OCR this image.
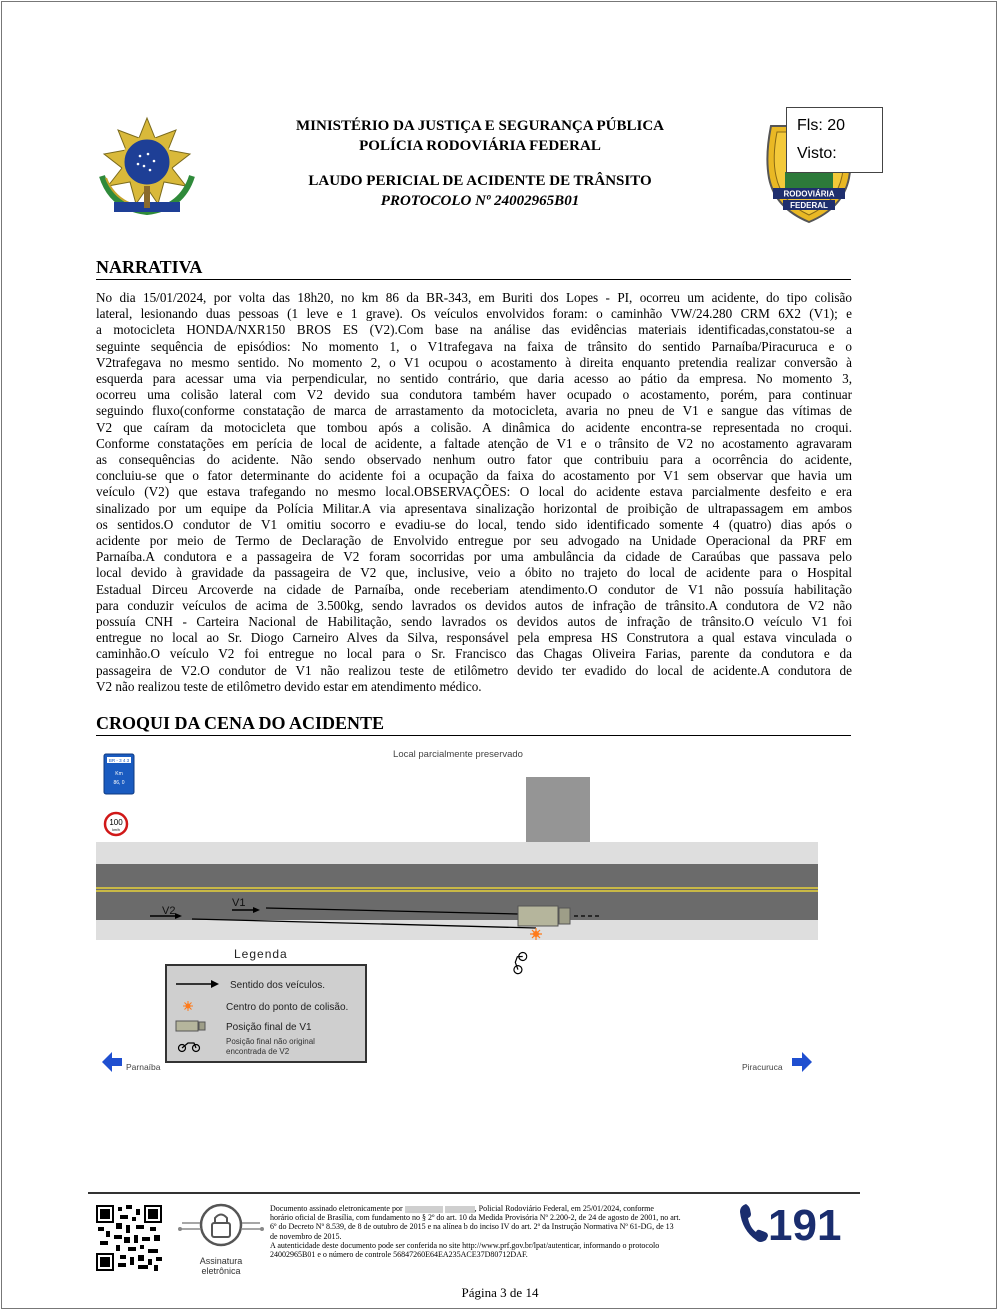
MINISTÉRIO DA JUSTIÇA E SEGURANÇA PÚBLICA
POLÍCIA RODOVIÁRIA FEDERAL
LAUDO PERICIAL DE ACIDENTE DE TRÂNSITO
PROTOCOLO Nº 24002965B01	RODOVIÁRIA
FEDERAL
Fls: 20
Visto:
NARRATIVA
No dia 15/01/2024, por volta das 18h20, no km 86 da BR-343, em Buriti dos Lopes - PI, ocorreu um acidente, do tipo colisão
lateral, lesionando duas pessoas (1 leve e 1 grave). Os veículos envolvidos foram: o caminhão VW/24.280 CRM 6X2 (V1); e
a motocicleta HONDA/NXR150 BROS ES (V2).Com base na análise das evidências materiais identificadas,constatou-se a
seguinte sequência de episódios: No momento 1, o V1trafegava na faixa de trânsito do sentido Parnaíba/Piracuruca e o
V2trafegava no mesmo sentido. No momento 2, o V1 ocupou o acostamento à direita enquanto pretendia realizar conversão à
esquerda para acessar uma via perpendicular, no sentido contrário, que daria acesso ao pátio da empresa. No momento 3,
ocorreu uma colisão lateral com V2 devido sua condutora também haver ocupado o acostamento, porém, para continuar
seguindo fluxo(conforme constatação de marca de arrastamento da motocicleta, avaria no pneu de V1 e sangue das vítimas de
V2 que caíram da motocicleta que tombou após a colisão. A dinâmica do acidente encontra-se representada no croqui.
Conforme constatações em perícia de local de acidente, a faltade atenção de V1 e o trânsito de V2 no acostamento agravaram
as consequências do acidente. Não sendo observado nenhum outro fator que contribuiu para a ocorrência do acidente,
concluiu-se que o fator determinante do acidente foi a ocupação da faixa do acostamento por V1 sem observar que havia um
veículo (V2) que estava trafegando no mesmo local.OBSERVAÇÕES: O local do acidente estava parcialmente desfeito e era
sinalizado por um equipe da Polícia Militar.A via apresentava sinalização horizontal de proibição de ultrapassagem em ambos
os sentidos.O condutor de V1 omitiu socorro e evadiu-se do local, tendo sido identificado somente 4 (quatro) dias após o
acidente por meio de Termo de Declaração de Envolvido entregue por seu advogado na Unidade Operacional da PRF em
Parnaíba.A condutora e a passageira de V2 foram socorridas por uma ambulância da cidade de Caraúbas que passava pelo
local devido à gravidade da passageira de V2 que, inclusive, veio a óbito no trajeto do local de acidente para o Hospital
Estadual Dirceu Arcoverde na cidade de Parnaíba, onde receberiam atendimento.O condutor de V1 não possuía habilitação
para conduzir veículos de acima de 3.500kg, sendo lavrados os devidos autos de infração de trânsito.A condutora de V2 não
possuía CNH - Carteira Nacional de Habilitação, sendo lavrados os devidos autos de infração de trânsito.O veículo V1 foi
entregue no local ao Sr. Diogo Carneiro Alves da Silva, responsável pela empresa HS Construtora a qual estava vinculada o
caminhão.O veículo V2 foi entregue no local para o Sr. Francisco das Chagas Oliveira Farias, parente da condutora e da
passageira de V2.O condutor de V1 não realizou teste de etilômetro devido ter evadido do local de acidente.A condutora de
V2 não realizou teste de etilômetro devido estar em atendimento médico.
CROQUI DA CENA DO ACIDENTE
Local parcialmente preservado
BR - 3 4 3
Km
86, 0
100
km/h
V1
V2
Legenda
Sentido dos veículos.
Centro do ponto de colisão.
Posição final de V1
Posição final não original
encontrada de V2
Parnaíba	Piracuruca
Assinatura
eletrônica
Documento assinado eletronicamente por	, Policial Rodoviário Federal, em 25/01/2024, conforme
horário oficial de Brasília, com fundamento no § 2º do art. 10 da Medida Provisória Nº 2.200-2, de 24 de agosto de 2001, no art.
6º do Decreto Nº 8.539, de 8 de outubro de 2015 e na alínea b do inciso IV do art. 2º da Instrução Normativa Nº 61-DG, de 13
de novembro de 2015.
A autenticidade deste documento pode ser conferida no site http://www.prf.gov.br/lpat/autenticar, informando o protocolo
24002965B01 e o número de controle 56847260E64EA235ACE37D80712DAF.
191
Página 3 de 14
